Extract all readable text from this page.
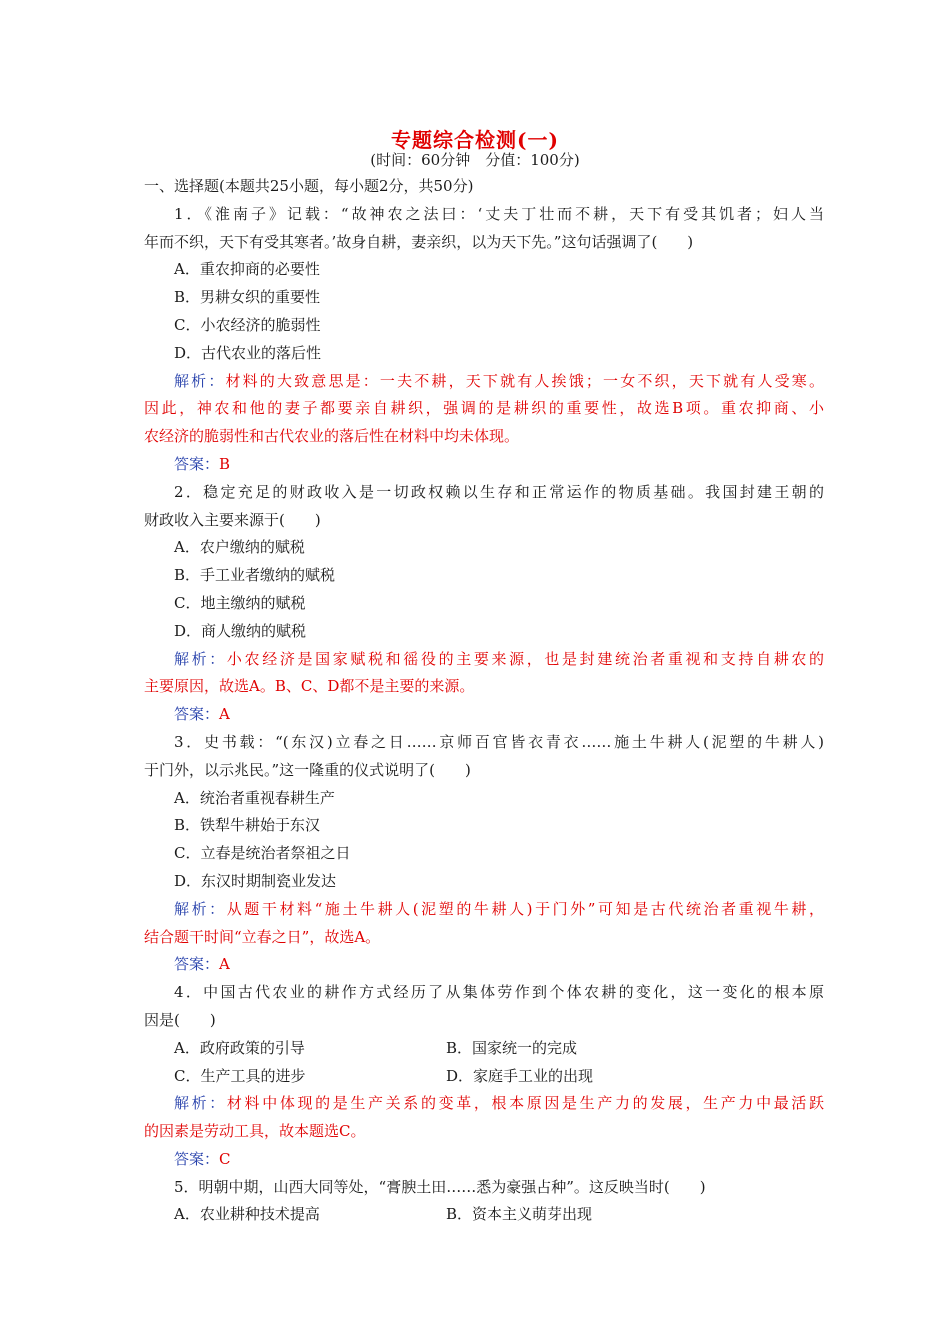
专题综合检测(一)
(时间：60分钟　分值：100分)
一、选择题(本题共25小题，每小题2分，共50分)
1．《淮南子》记载：“故神农之法曰：‘丈夫丁壮而不耕，天下有受其饥者；妇人当
年而不织，天下有受其寒者。’故身自耕，妻亲织，以为天下先。”这句话强调了(　　)
A．重农抑商的必要性
B．男耕女织的重要性
C．小农经济的脆弱性
D．古代农业的落后性
解析：材料的大致意思是：一夫不耕，天下就有人挨饿；一女不织，天下就有人受寒。
因此，神农和他的妻子都要亲自耕织，强调的是耕织的重要性，故选B项。重农抑商、小
农经济的脆弱性和古代农业的落后性在材料中均未体现。
答案：B
2．稳定充足的财政收入是一切政权赖以生存和正常运作的物质基础。我国封建王朝的
财政收入主要来源于(　　)
A．农户缴纳的赋税
B．手工业者缴纳的赋税
C．地主缴纳的赋税
D．商人缴纳的赋税
解析：小农经济是国家赋税和徭役的主要来源，也是封建统治者重视和支持自耕农的
主要原因，故选A。B、C、D都不是主要的来源。
答案：A
3．史书载：“(东汉)立春之日……京师百官皆衣青衣……施土牛耕人(泥塑的牛耕人)
于门外，以示兆民。”这一隆重的仪式说明了(　　)
A．统治者重视春耕生产
B．铁犁牛耕始于东汉
C．立春是统治者祭祖之日
D．东汉时期制瓷业发达
解析：从题干材料“施土牛耕人(泥塑的牛耕人)于门外”可知是古代统治者重视牛耕，
结合题干时间“立春之日”，故选A。
答案：A
4．中国古代农业的耕作方式经历了从集体劳作到个体农耕的变化，这一变化的根本原
因是(　　)
A．政府政策的引导	B．国家统一的完成
C．生产工具的进步	D．家庭手工业的出现
解析：材料中体现的是生产关系的变革，根本原因是生产力的发展，生产力中最活跃
的因素是劳动工具，故本题选C。
答案：C
5．明朝中期，山西大同等处，“膏腴土田……悉为豪强占种”。这反映当时(　　)
A．农业耕种技术提高	B．资本主义萌芽出现
